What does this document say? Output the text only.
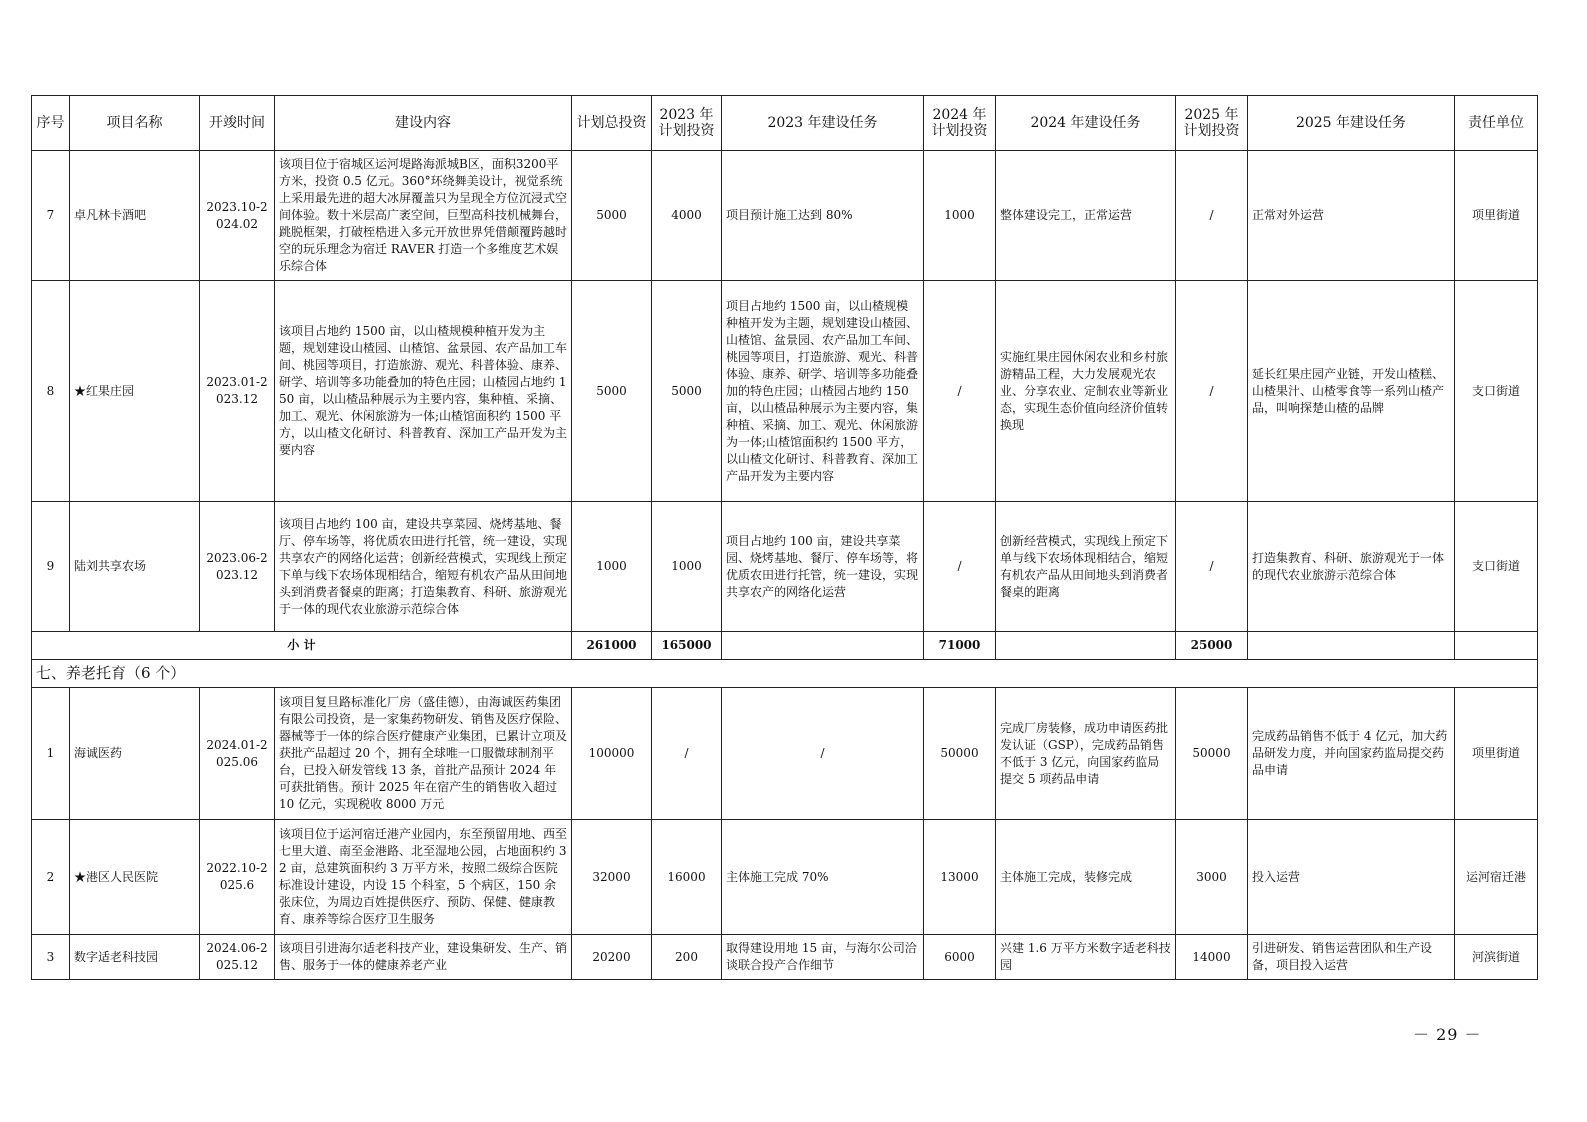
序号	项目名称	开竣时间	建设内容	计划总投资	2023 年计划投资	2023 年建设任务	2024 年计划投资	2024 年建设任务	2025 年计划投资	2025 年建设任务	责任单位
7	卓凡林卡酒吧	2023.10-2024.02	该项目位于宿城区运河堤路海派城B区，面积3200平方米，投资 0.5 亿元。360°环绕舞美设计，视觉系统上采用最先进的超大冰屏覆盖只为呈现全方位沉浸式空间体验。数十米层高广袤空间，巨型高科技机械舞台，跳脱框架，打破桎梏进入多元开放世界凭借颠覆跨越时空的玩乐理念为宿迁 RAVER 打造一个多维度艺术娱乐综合体	5000	4000	项目预计施工达到 80%	1000	整体建设完工，正常运营	/	正常对外运营	项里街道
8	★红果庄园	2023.01-2023.12	该项目占地约 1500 亩，以山楂规模种植开发为主题，规划建设山楂园、山楂馆、盆景园、农产品加工车间、桃园等项目，打造旅游、观光、科普体验、康养、研学、培训等多功能叠加的特色庄园；山楂园占地约 150 亩，以山楂品种展示为主要内容，集种植、采摘、加工、观光、休闲旅游为一体;山楂馆面积约 1500 平方，以山楂文化研讨、科普教育、深加工产品开发为主要内容	5000	5000	项目占地约 1500 亩，以山楂规模种植开发为主题，规划建设山楂园、山楂馆、盆景园、农产品加工车间、桃园等项目，打造旅游、观光、科普体验、康养、研学、培训等多功能叠加的特色庄园；山楂园占地约 150 亩，以山楂品种展示为主要内容，集种植、采摘、加工、观光、休闲旅游为一体;山楂馆面积约 1500 平方，以山楂文化研讨、科普教育、深加工产品开发为主要内容	/	实施红果庄园休闲农业和乡村旅游精品工程，大力发展观光农业、分享农业、定制农业等新业态，实现生态价值向经济价值转换现	/	延长红果庄园产业链，开发山楂糕、山楂果汁、山楂零食等一系列山楂产品，叫响探楚山楂的品牌	支口街道
9	陆刘共享农场	2023.06-2023.12	该项目占地约 100 亩，建设共享菜园、烧烤基地、餐厅、停车场等，将优质农田进行托管，统一建设，实现共享农产的网络化运营；创新经营模式，实现线上预定下单与线下农场体现相结合，缩短有机农产品从田间地头到消费者餐桌的距离；打造集教育、科研、旅游观光于一体的现代农业旅游示范综合体	1000	1000	项目占地约 100 亩，建设共享菜园、烧烤基地、餐厅、停车场等，将优质农田进行托管，统一建设，实现共享农产的网络化运营	/	创新经营模式，实现线上预定下单与线下农场体现相结合，缩短有机农产品从田间地头到消费者餐桌的距离	/	打造集教育、科研、旅游观光于一体的现代农业旅游示范综合体	支口街道
小 计				261000	165000		71000		25000		
七、养老托育（6 个）											
1	海诚医药	2024.01-2025.06	该项目复旦路标准化厂房（盛佳德），由海诚医药集团有限公司投资，是一家集药物研发、销售及医疗保险、器械等于一体的综合医疗健康产业集团，已累计立项及获批产品超过 20 个，拥有全球唯一口服微球制剂平台，已投入研发管线 13 条，首批产品预计 2024 年可获批销售。预计 2025 年在宿产生的销售收入超过 10 亿元，实现税收 8000 万元	100000	/	/	50000	完成厂房装修，成功申请医药批发认证（GSP），完成药品销售不低于 3 亿元，向国家药监局提交 5 项药品申请	50000	完成药品销售不低于 4 亿元，加大药品研发力度，并向国家药监局提交药品申请	项里街道
2	★港区人民医院	2022.10-2025.6	该项目位于运河宿迁港产业园内，东至预留用地、西至七里大道、南至金港路、北至湿地公园，占地面积约 32 亩，总建筑面积约 3 万平方米，按照二级综合医院标准设计建设，内设 15 个科室，5 个病区，150 余张床位，为周边百姓提供医疗、预防、保健、健康教育、康养等综合医疗卫生服务	32000	16000	主体施工完成 70%	13000	主体施工完成，装修完成	3000	投入运营	运河宿迁港
3	数字适老科技园	2024.06-2025.12	该项目引进海尔适老科技产业，建设集研发、生产、销售、服务于一体的健康养老产业	20200	200	取得建设用地 15 亩，与海尔公司洽谈联合投产合作细节	6000	兴建 1.6 万平方米数字适老科技园	14000	引进研发、销售运营团队和生产设备，项目投入运营	河滨街道
－ 29 －
